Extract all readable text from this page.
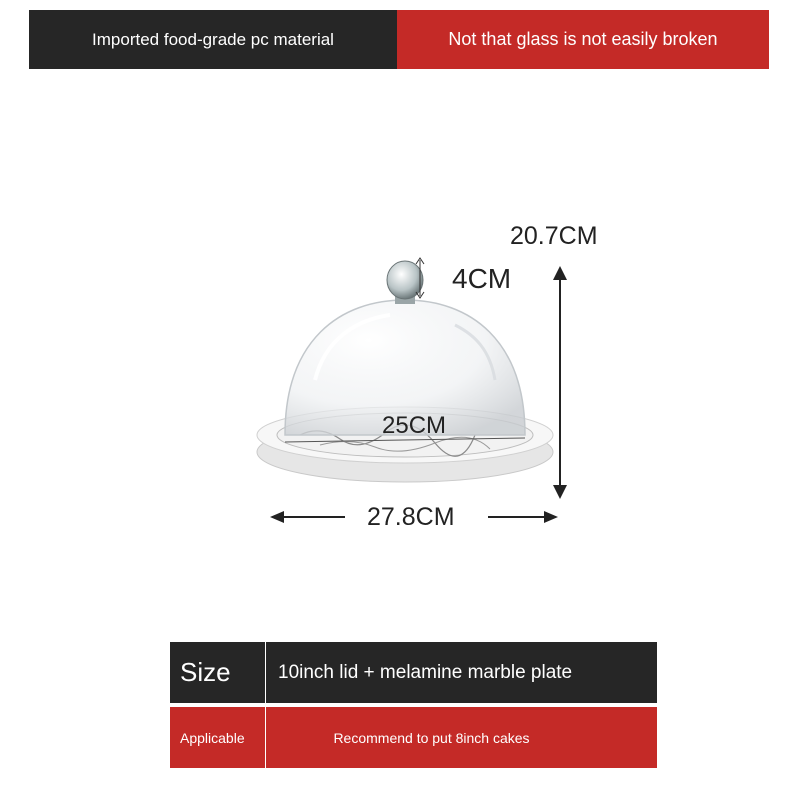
Imported food-grade pc material	Not that glass is not easily broken
20.7CM
4CM
25CM
27.8CM
Size	10inch lid + melamine marble plate
Applicable	Recommend to put 8inch cakes
